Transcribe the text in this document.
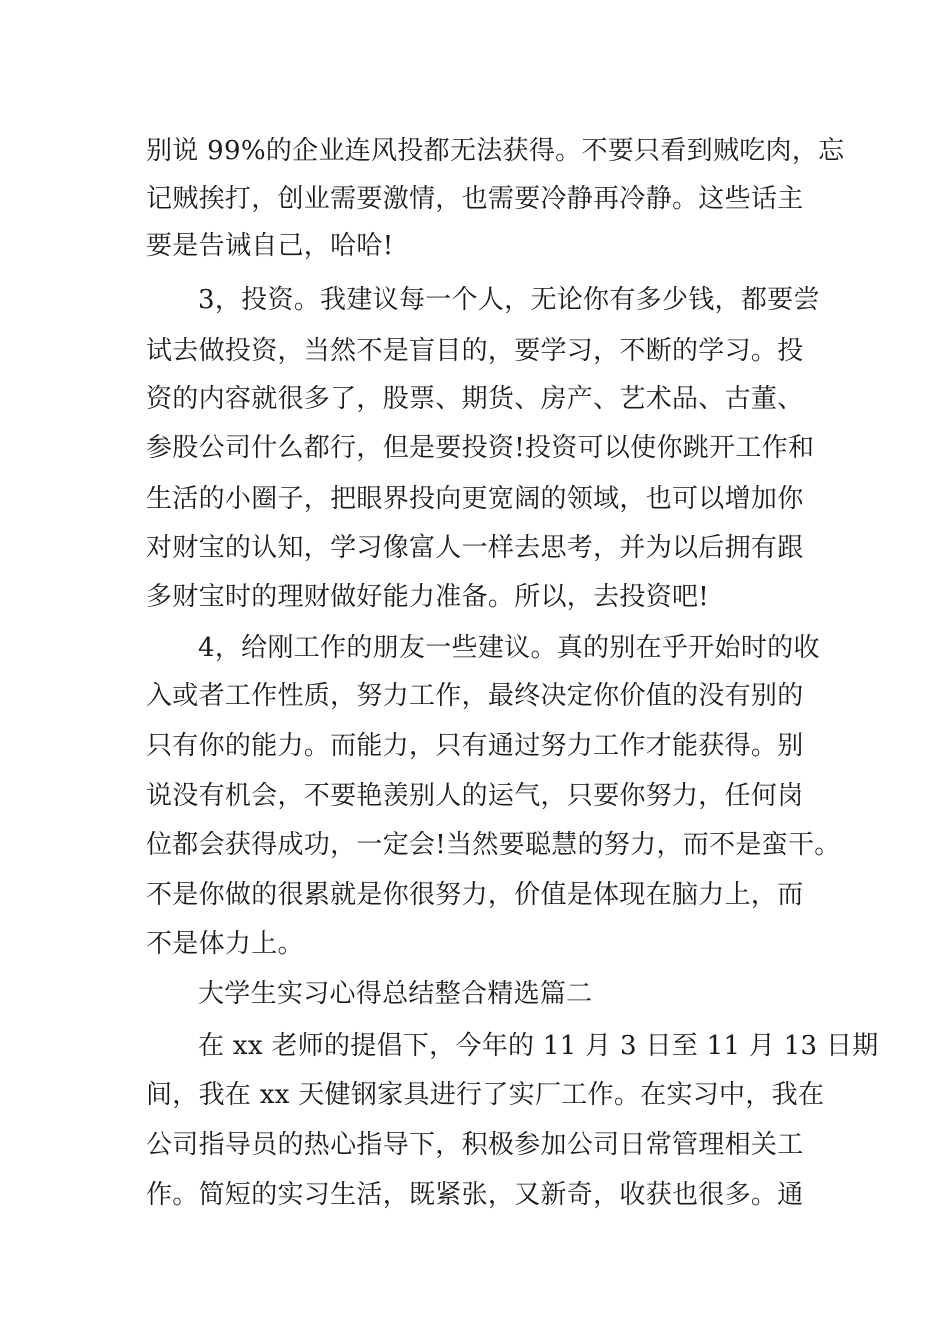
别说 99%的企业连风投都无法获得。不要只看到贼吃肉，忘
记贼挨打，创业需要激情，也需要冷静再冷静。这些话主
要是告诫自己，哈哈!
3，投资。我建议每一个人，无论你有多少钱，都要尝
试去做投资，当然不是盲目的，要学习，不断的学习。投
资的内容就很多了，股票、期货、房产、艺术品、古董、
参股公司什么都行，但是要投资!投资可以使你跳开工作和
生活的小圈子，把眼界投向更宽阔的领域，也可以增加你
对财宝的认知，学习像富人一样去思考，并为以后拥有跟
多财宝时的理财做好能力准备。所以，去投资吧!
4，给刚工作的朋友一些建议。真的别在乎开始时的收
入或者工作性质，努力工作，最终决定你价值的没有别的
只有你的能力。而能力，只有通过努力工作才能获得。别
说没有机会，不要艳羡别人的运气，只要你努力，任何岗
位都会获得成功，一定会!当然要聪慧的努力，而不是蛮干。
不是你做的很累就是你很努力，价值是体现在脑力上，而
不是体力上。
大学生实习心得总结整合精选篇二
在 xx 老师的提倡下，今年的 11 月 3 日至 11 月 13 日期
间，我在 xx 天健钢家具进行了实厂工作。在实习中，我在
公司指导员的热心指导下，积极参加公司日常管理相关工
作。简短的实习生活，既紧张，又新奇，收获也很多。通
